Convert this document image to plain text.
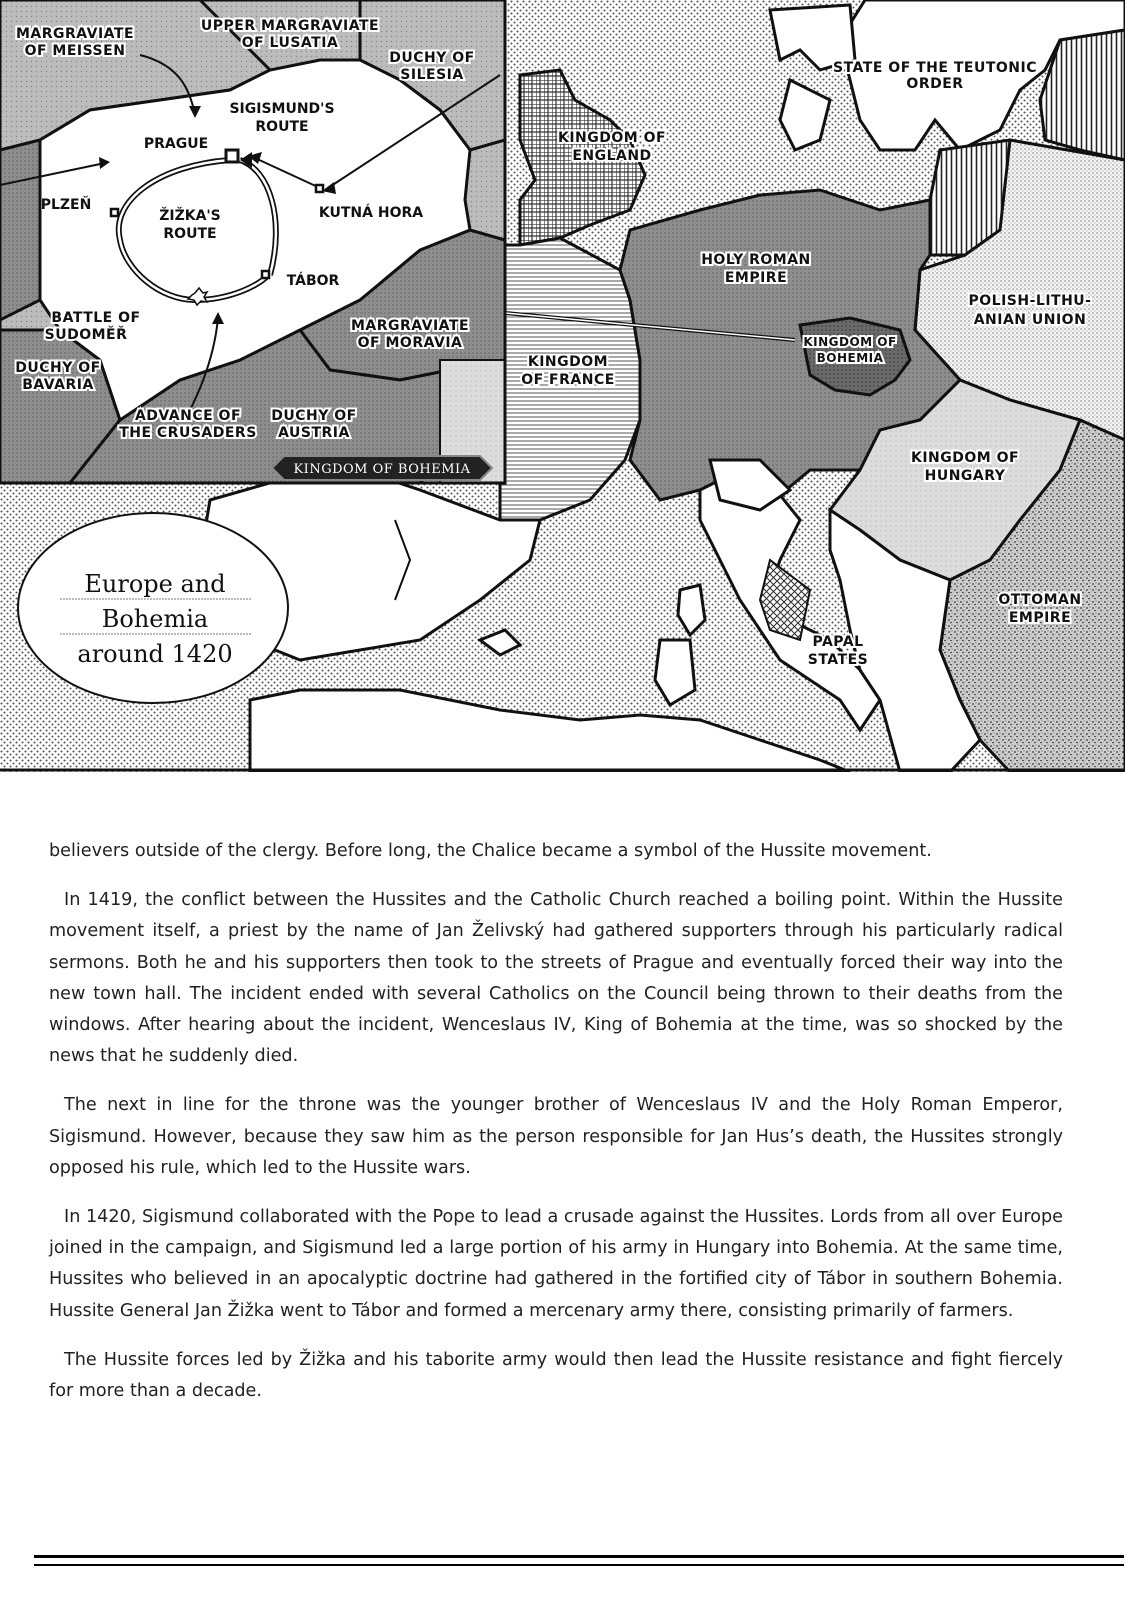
STATE OF THE TEUTONIC
ORDER
KINGDOM OF
ENGLAND
HOLY ROMAN
EMPIRE
POLISH-LITHU-
ANIAN UNION
KINGDOM OF
BOHEMIA
KINGDOM
OF FRANCE
KINGDOM OF
HUNGARY
OTTOMAN
EMPIRE
PAPAL
STATES
MARGRAVIATE
OF MEISSEN
UPPER MARGRAVIATE
OF LUSATIA
DUCHY OF
SILESIA
BATTLE OF
SUDOMĚŘ
MARGRAVIATE
OF MORAVIA
DUCHY OF
BAVARIA
ADVANCE OF
THE CRUSADERS
DUCHY OF
AUSTRIA
SIGISMUND'S
ROUTE
PRAGUE
PLZEŇ
ŽIŽKA'S
ROUTE
KUTNÁ HORA
TÁBOR
KINGDOM OF BOHEMIA
Europe and
Bohemia
around 1420

believers outside of the clergy. Before long, the Chalice became a symbol of the Hussite movement.

In 1419, the conflict between the Hussites and the Catholic Church reached a boiling point. Within the Hussite movement itself, a priest by the name of Jan Želivský had gathered supporters through his particularly radical sermons. Both he and his supporters then took to the streets of Prague and eventually forced their way into the new town hall. The incident ended with several Catholics on the Council being thrown to their deaths from the windows. After hearing about the incident, Wenceslaus IV, King of Bohemia at the time, was so shocked by the news that he suddenly died.

The next in line for the throne was the younger brother of Wenceslaus IV and the Holy Roman Emperor, Sigismund. However, because they saw him as the person responsible for Jan Hus’s death, the Hussites strongly opposed his rule, which led to the Hussite wars.

In 1420, Sigismund collaborated with the Pope to lead a crusade against the Hussites. Lords from all over Europe joined in the campaign, and Sigismund led a large portion of his army in Hungary into Bohemia. At the same time, Hussites who believed in an apocalyptic doctrine had gathered in the fortified city of Tábor in southern Bohemia. Hussite General Jan Žižka went to Tábor and formed a mercenary army there, consisting primarily of farmers.

The Hussite forces led by Žižka and his taborite army would then lead the Hussite resistance and fight fiercely for more than a decade.
